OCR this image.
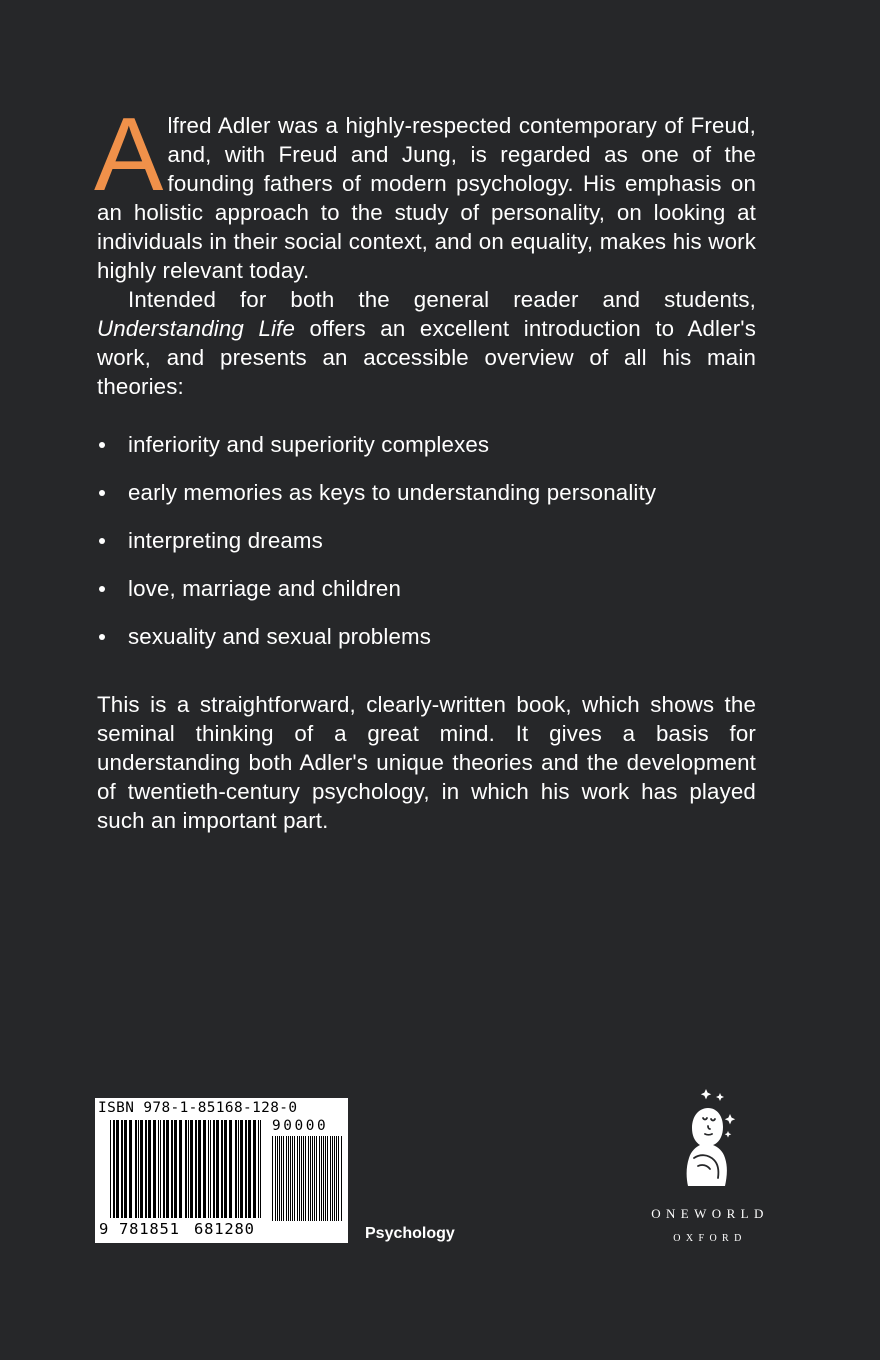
Alfred Adler was a highly-respected contemporary of Freud, and, with Freud and Jung, is regarded as one of the founding fathers of modern psychology. His emphasis on an holistic approach to the study of personality, on looking at individuals in their social context, and on equality, makes his work highly relevant today.

Intended for both the general reader and students, Understanding Life offers an excellent introduction to Adler's work, and presents an accessible overview of all his main theories:

inferiority and superiority complexes
early memories as keys to understanding personality
interpreting dreams
love, marriage and children
sexuality and sexual problems

This is a straightforward, clearly-written book, which shows the seminal thinking of a great mind. It gives a basis for understanding both Adler's unique theories and the development of twentieth-century psychology, in which his work has played such an important part.

ISBN 978-1-85168-128-0
90000
9 781851 681280	Psychology
ONEWORLD
OXFORD
